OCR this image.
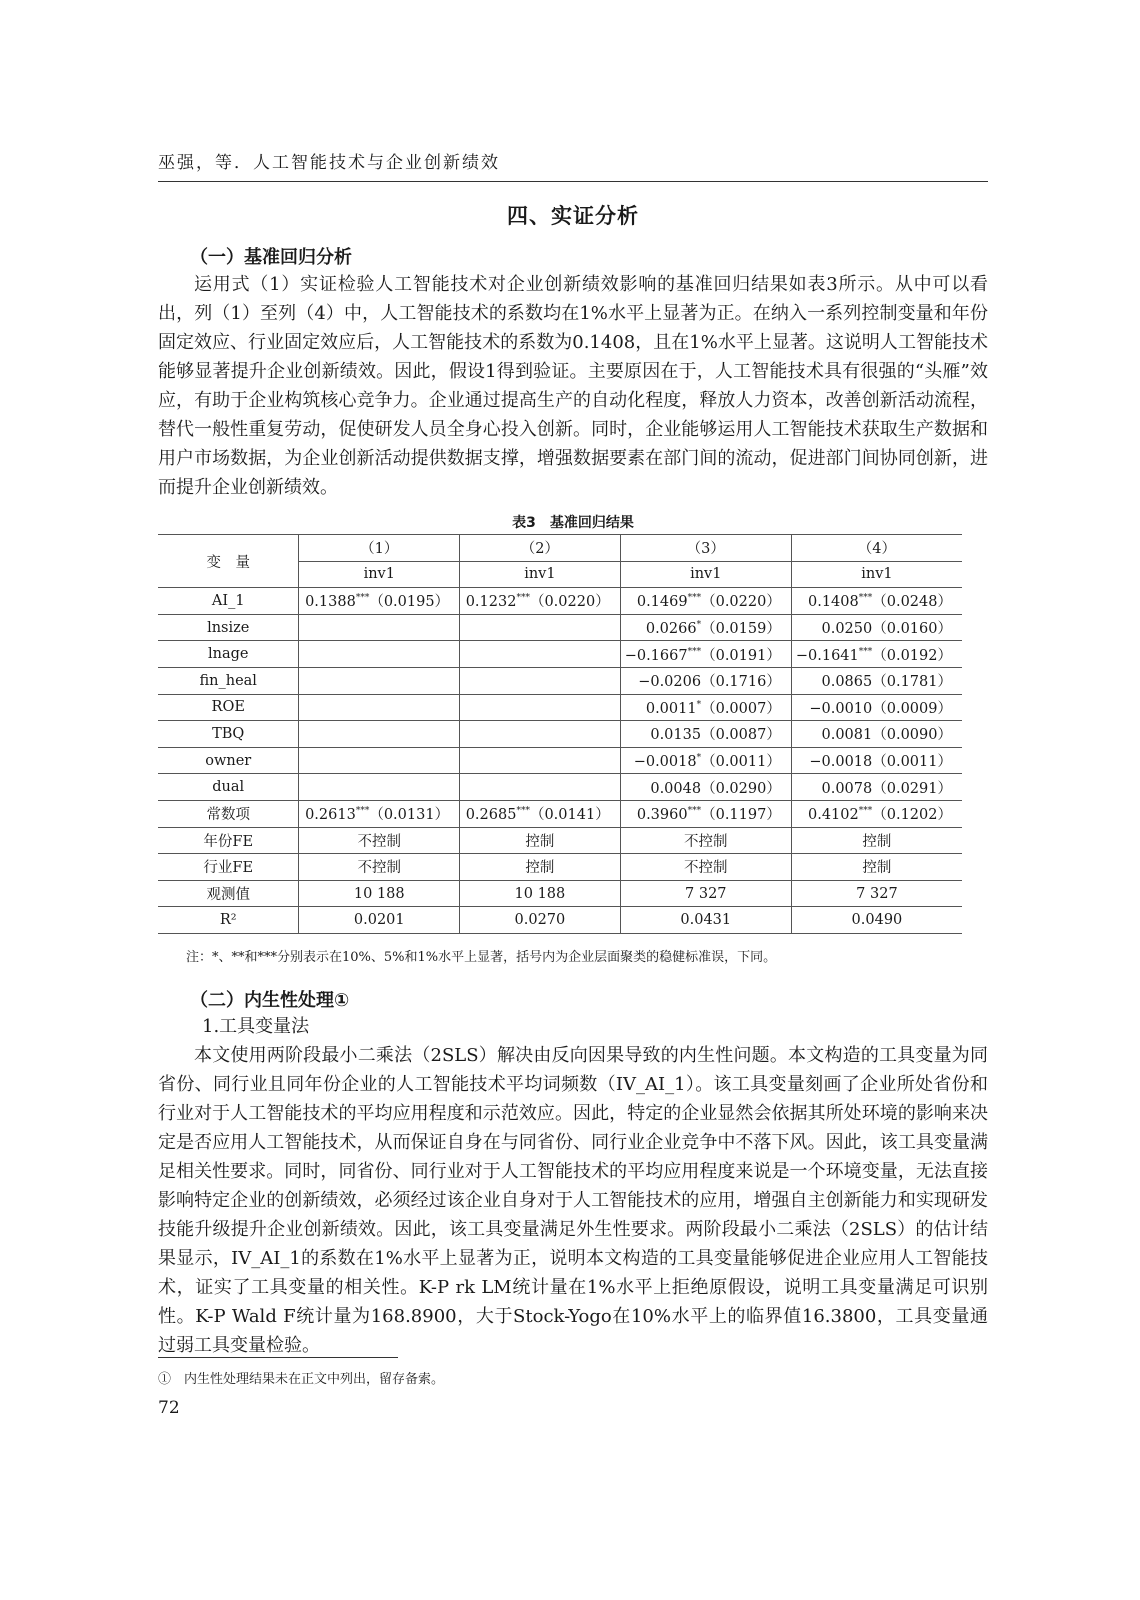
巫强，等．人工智能技术与企业创新绩效
四、实证分析
（一）基准回归分析

运用式（1）实证检验人工智能技术对企业创新绩效影响的基准回归结果如表3所示。从中可以看出，列（1）至列（4）中，人工智能技术的系数均在1%水平上显著为正。在纳入一系列控制变量和年份固定效应、行业固定效应后，人工智能技术的系数为0.1408，且在1%水平上显著。这说明人工智能技术能够显著提升企业创新绩效。因此，假设1得到验证。主要原因在于，人工智能技术具有很强的“头雁”效应，有助于企业构筑核心竞争力。企业通过提高生产的自动化程度，释放人力资本，改善创新活动流程，替代一般性重复劳动，促使研发人员全身心投入创新。同时，企业能够运用人工智能技术获取生产数据和用户市场数据，为企业创新活动提供数据支撑，增强数据要素在部门间的流动，促进部门间协同创新，进而提升企业创新绩效。

表3　基准回归结果
变　量	（1）	（2）	（3）	（4）
	inv1	inv1	inv1	inv1
AI_1	0.1388***（0.0195）	0.1232***（0.0220）	0.1469***（0.0220）	0.1408***（0.0248）
lnsize			0.0266*（0.0159）	0.0250（0.0160）
lnage			−0.1667***（0.0191）	−0.1641***（0.0192）
fin_heal			−0.0206（0.1716）	0.0865（0.1781）
ROE			0.0011*（0.0007）	−0.0010（0.0009）
TBQ			0.0135（0.0087）	0.0081（0.0090）
owner			−0.0018*（0.0011）	−0.0018（0.0011）
dual			0.0048（0.0290）	0.0078（0.0291）
常数项	0.2613***（0.0131）	0.2685***（0.0141）	0.3960***（0.1197）	0.4102***（0.1202）
年份FE	不控制	控制	不控制	控制
行业FE	不控制	控制	不控制	控制
观测值	10 188	10 188	7 327	7 327
R²	0.0201	0.0270	0.0431	0.0490
注：*、**和***分别表示在10%、5%和1%水平上显著，括号内为企业层面聚类的稳健标准误，下同。
（二）内生性处理①
1.工具变量法

本文使用两阶段最小二乘法（2SLS）解决由反向因果导致的内生性问题。本文构造的工具变量为同省份、同行业且同年份企业的人工智能技术平均词频数（IV_AI_1）。该工具变量刻画了企业所处省份和行业对于人工智能技术的平均应用程度和示范效应。因此，特定的企业显然会依据其所处环境的影响来决定是否应用人工智能技术，从而保证自身在与同省份、同行业企业竞争中不落下风。因此，该工具变量满足相关性要求。同时，同省份、同行业对于人工智能技术的平均应用程度来说是一个环境变量，无法直接影响特定企业的创新绩效，必须经过该企业自身对于人工智能技术的应用，增强自主创新能力和实现研发技能升级提升企业创新绩效。因此，该工具变量满足外生性要求。两阶段最小二乘法（2SLS）的估计结果显示，IV_AI_1的系数在1%水平上显著为正，说明本文构造的工具变量能够促进企业应用人工智能技术，证实了工具变量的相关性。K-P rk LM统计量在1%水平上拒绝原假设，说明工具变量满足可识别性。K-P Wald F统计量为168.8900，大于Stock-Yogo在10%水平上的临界值16.3800，工具变量通过弱工具变量检验。

①　内生性处理结果未在正文中列出，留存备索。
72
